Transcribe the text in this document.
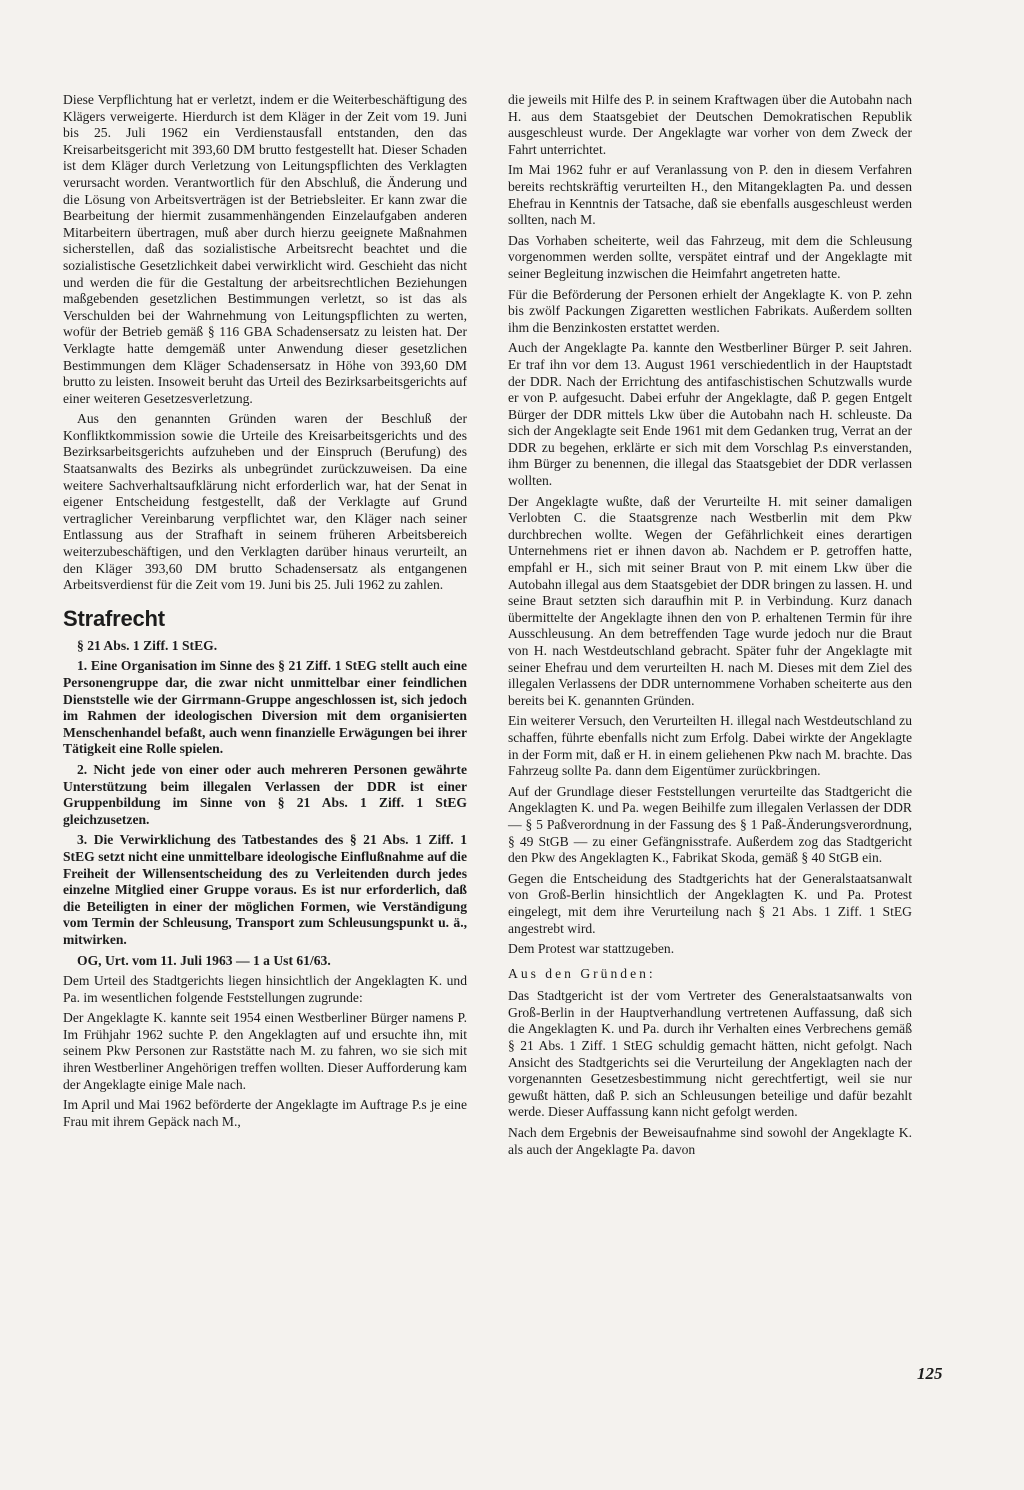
Diese Verpflichtung hat er verletzt, indem er die Weiterbeschäftigung des Klägers verweigerte. Hierdurch ist dem Kläger in der Zeit vom 19. Juni bis 25. Juli 1962 ein Verdienstausfall entstanden, den das Kreisarbeitsgericht mit 393,60 DM brutto festgestellt hat. Dieser Schaden ist dem Kläger durch Verletzung von Leitungspflichten des Verklagten verursacht worden. Verantwortlich für den Abschluß, die Änderung und die Lösung von Arbeitsverträgen ist der Betriebsleiter. Er kann zwar die Bearbeitung der hiermit zusammenhängenden Einzelaufgaben anderen Mitarbeitern übertragen, muß aber durch hierzu geeignete Maßnahmen sicherstellen, daß das sozialistische Arbeitsrecht beachtet und die sozialistische Gesetzlichkeit dabei verwirklicht wird. Geschieht das nicht und werden die für die Gestaltung der arbeitsrechtlichen Beziehungen maßgebenden gesetzlichen Bestimmungen verletzt, so ist das als Verschulden bei der Wahrnehmung von Leitungspflichten zu werten, wofür der Betrieb gemäß § 116 GBA Schadensersatz zu leisten hat. Der Verklagte hatte demgemäß unter Anwendung dieser gesetzlichen Bestimmungen dem Kläger Schadensersatz in Höhe von 393,60 DM brutto zu leisten. Insoweit beruht das Urteil des Bezirksarbeitsgerichts auf einer weiteren Gesetzesverletzung.

Aus den genannten Gründen waren der Beschluß der Konfliktkommission sowie die Urteile des Kreisarbeitsgerichts und des Bezirksarbeitsgerichts aufzuheben und der Einspruch (Berufung) des Staatsanwalts des Bezirks als unbegründet zurückzuweisen. Da eine weitere Sachverhaltsaufklärung nicht erforderlich war, hat der Senat in eigener Entscheidung festgestellt, daß der Verklagte auf Grund vertraglicher Vereinbarung verpflichtet war, den Kläger nach seiner Entlassung aus der Strafhaft in seinem früheren Arbeitsbereich weiterzubeschäftigen, und den Verklagten darüber hinaus verurteilt, an den Kläger 393,60 DM brutto Schadensersatz als entgangenen Arbeitsverdienst für die Zeit vom 19. Juni bis 25. Juli 1962 zu zahlen.

Strafrecht

§ 21 Abs. 1 Ziff. 1 StEG.

1. Eine Organisation im Sinne des § 21 Ziff. 1 StEG stellt auch eine Personengruppe dar, die zwar nicht unmittelbar einer feindlichen Dienststelle wie der Girrmann-Gruppe angeschlossen ist, sich jedoch im Rahmen der ideologischen Diversion mit dem organisierten Menschenhandel befaßt, auch wenn finanzielle Erwägungen bei ihrer Tätigkeit eine Rolle spielen.

2. Nicht jede von einer oder auch mehreren Personen gewährte Unterstützung beim illegalen Verlassen der DDR ist einer Gruppenbildung im Sinne von § 21 Abs. 1 Ziff. 1 StEG gleichzusetzen.

3. Die Verwirklichung des Tatbestandes des § 21 Abs. 1 Ziff. 1 StEG setzt nicht eine unmittelbare ideologische Einflußnahme auf die Freiheit der Willensentscheidung des zu Verleitenden durch jedes einzelne Mitglied einer Gruppe voraus. Es ist nur erforderlich, daß die Beteiligten in einer der möglichen Formen, wie Verständigung vom Termin der Schleusung, Transport zum Schleusungspunkt u. ä., mitwirken.

OG, Urt. vom 11. Juli 1963 — 1 a Ust 61/63.

Dem Urteil des Stadtgerichts liegen hinsichtlich der Angeklagten K. und Pa. im wesentlichen folgende Feststellungen zugrunde:

Der Angeklagte K. kannte seit 1954 einen Westberliner Bürger namens P. Im Frühjahr 1962 suchte P. den Angeklagten auf und ersuchte ihn, mit seinem Pkw Personen zur Raststätte nach M. zu fahren, wo sie sich mit ihren Westberliner Angehörigen treffen wollten. Dieser Aufforderung kam der Angeklagte einige Male nach.

Im April und Mai 1962 beförderte der Angeklagte im Auftrage P.s je eine Frau mit ihrem Gepäck nach M.,

die jeweils mit Hilfe des P. in seinem Kraftwagen über die Autobahn nach H. aus dem Staatsgebiet der Deutschen Demokratischen Republik ausgeschleust wurde. Der Angeklagte war vorher von dem Zweck der Fahrt unterrichtet.

Im Mai 1962 fuhr er auf Veranlassung von P. den in diesem Verfahren bereits rechtskräftig verurteilten H., den Mitangeklagten Pa. und dessen Ehefrau in Kenntnis der Tatsache, daß sie ebenfalls ausgeschleust werden sollten, nach M.

Das Vorhaben scheiterte, weil das Fahrzeug, mit dem die Schleusung vorgenommen werden sollte, verspätet eintraf und der Angeklagte mit seiner Begleitung inzwischen die Heimfahrt angetreten hatte.

Für die Beförderung der Personen erhielt der Angeklagte K. von P. zehn bis zwölf Packungen Zigaretten westlichen Fabrikats. Außerdem sollten ihm die Benzinkosten erstattet werden.

Auch der Angeklagte Pa. kannte den Westberliner Bürger P. seit Jahren. Er traf ihn vor dem 13. August 1961 verschiedentlich in der Hauptstadt der DDR. Nach der Errichtung des antifaschistischen Schutzwalls wurde er von P. aufgesucht. Dabei erfuhr der Angeklagte, daß P. gegen Entgelt Bürger der DDR mittels Lkw über die Autobahn nach H. schleuste. Da sich der Angeklagte seit Ende 1961 mit dem Gedanken trug, Verrat an der DDR zu begehen, erklärte er sich mit dem Vorschlag P.s einverstanden, ihm Bürger zu benennen, die illegal das Staatsgebiet der DDR verlassen wollten.

Der Angeklagte wußte, daß der Verurteilte H. mit seiner damaligen Verlobten C. die Staatsgrenze nach Westberlin mit dem Pkw durchbrechen wollte. Wegen der Gefährlichkeit eines derartigen Unternehmens riet er ihnen davon ab. Nachdem er P. getroffen hatte, empfahl er H., sich mit seiner Braut von P. mit einem Lkw über die Autobahn illegal aus dem Staatsgebiet der DDR bringen zu lassen. H. und seine Braut setzten sich daraufhin mit P. in Verbindung. Kurz danach übermittelte der Angeklagte ihnen den von P. erhaltenen Termin für ihre Ausschleusung. An dem betreffenden Tage wurde jedoch nur die Braut von H. nach Westdeutschland gebracht. Später fuhr der Angeklagte mit seiner Ehefrau und dem verurteilten H. nach M. Dieses mit dem Ziel des illegalen Verlassens der DDR unternommene Vorhaben scheiterte aus den bereits bei K. genannten Gründen.

Ein weiterer Versuch, den Verurteilten H. illegal nach Westdeutschland zu schaffen, führte ebenfalls nicht zum Erfolg. Dabei wirkte der Angeklagte in der Form mit, daß er H. in einem geliehenen Pkw nach M. brachte. Das Fahrzeug sollte Pa. dann dem Eigentümer zurückbringen.

Auf der Grundlage dieser Feststellungen verurteilte das Stadtgericht die Angeklagten K. und Pa. wegen Beihilfe zum illegalen Verlassen der DDR — § 5 Paßverordnung in der Fassung des § 1 Paß-Änderungsverordnung, § 49 StGB — zu einer Gefängnisstrafe. Außerdem zog das Stadtgericht den Pkw des Angeklagten K., Fabrikat Skoda, gemäß § 40 StGB ein.

Gegen die Entscheidung des Stadtgerichts hat der Generalstaatsanwalt von Groß-Berlin hinsichtlich der Angeklagten K. und Pa. Protest eingelegt, mit dem ihre Verurteilung nach § 21 Abs. 1 Ziff. 1 StEG angestrebt wird.

Dem Protest war stattzugeben.

Aus den Gründen:

Das Stadtgericht ist der vom Vertreter des Generalstaatsanwalts von Groß-Berlin in der Hauptverhandlung vertretenen Auffassung, daß sich die Angeklagten K. und Pa. durch ihr Verhalten eines Verbrechens gemäß § 21 Abs. 1 Ziff. 1 StEG schuldig gemacht hätten, nicht gefolgt. Nach Ansicht des Stadtgerichts sei die Verurteilung der Angeklagten nach der vorgenannten Gesetzesbestimmung nicht gerechtfertigt, weil sie nur gewußt hätten, daß P. sich an Schleusungen beteilige und dafür bezahlt werde. Dieser Auffassung kann nicht gefolgt werden.

Nach dem Ergebnis der Beweisaufnahme sind sowohl der Angeklagte K. als auch der Angeklagte Pa. davon

125
